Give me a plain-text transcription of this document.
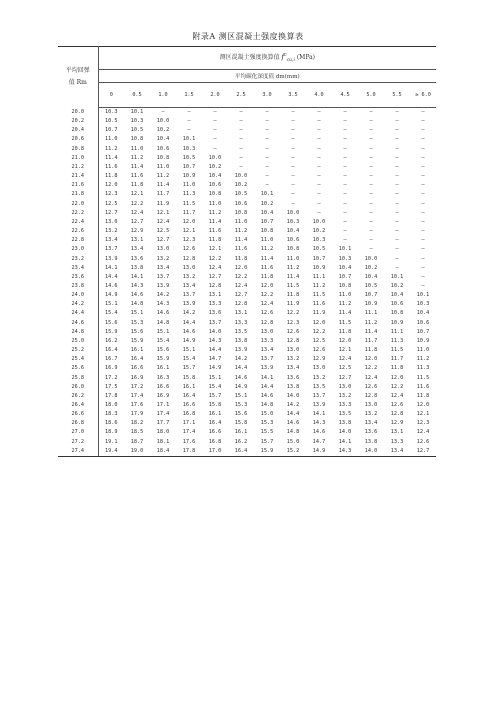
附录A 测区混凝土强度换算表
平均回弹
值 Rm	测区混凝土强度换算值 $f^c_{cu,i}$ (MPa)												
	平均碳化深度值 dm(mm)												
	0	0.5	1.0	1.5	2.0	2.5	3.0	3.5	4.0	4.5	5.0	5.5	≥ 6.0
20.0	10.3	10.1	—	—	—	—	—	—	—	—	—	—	—
20.2	10.5	10.3	10.0	—	—	—	—	—	—	—	—	—	—
20.4	10.7	10.5	10.2	—	—	—	—	—	—	—	—	—	—
20.6	11.0	10.8	10.4	10.1	—	—	—	—	—	—	—	—	—
20.8	11.2	11.0	10.6	10.3	—	—	—	—	—	—	—	—	—
21.0	11.4	11.2	10.8	10.5	10.0	—	—	—	—	—	—	—	—
21.2	11.6	11.4	11.0	10.7	10.2	—	—	—	—	—	—	—	—
21.4	11.8	11.6	11.2	10.9	10.4	10.0	—	—	—	—	—	—	—
21.6	12.0	11.8	11.4	11.0	10.6	10.2	—	—	—	—	—	—	—
21.8	12.3	12.1	11.7	11.3	10.8	10.5	10.1	—	—	—	—	—	—
22.0	12.5	12.2	11.9	11.5	11.0	10.6	10.2	—	—	—	—	—	—
22.2	12.7	12.4	12.1	11.7	11.2	10.8	10.4	10.0	—	—	—	—	—
22.4	13.0	12.7	12.4	12.0	11.4	11.0	10.7	10.3	10.0	—	—	—	—
22.6	13.2	12.9	12.5	12.1	11.6	11.2	10.8	10.4	10.2	—	—	—	—
22.8	13.4	13.1	12.7	12.3	11.8	11.4	11.0	10.6	10.3	—	—	—	—
23.0	13.7	13.4	13.0	12.6	12.1	11.6	11.2	10.8	10.5	10.1	—	—	—
23.2	13.9	13.6	13.2	12.8	12.2	11.8	11.4	11.0	10.7	10.3	10.0	—	—
23.4	14.1	13.8	13.4	13.0	12.4	12.0	11.6	11.2	10.9	10.4	10.2	—	—
23.6	14.4	14.1	13.7	13.2	12.7	12.2	11.8	11.4	11.1	10.7	10.4	10.1	—
23.8	14.6	14.3	13.9	13.4	12.8	12.4	12.0	11.5	11.2	10.8	10.5	10.2	—
24.0	14.9	14.6	14.2	13.7	13.1	12.7	12.2	11.8	11.5	11.0	10.7	10.4	10.1
24.2	15.1	14.8	14.3	13.9	13.3	12.8	12.4	11.9	11.6	11.2	10.9	10.6	10.3
24.4	15.4	15.1	14.6	14.2	13.6	13.1	12.6	12.2	11.9	11.4	11.1	10.8	10.4
24.6	15.6	15.3	14.8	14.4	13.7	13.3	12.8	12.3	12.0	11.5	11.2	10.9	10.6
24.8	15.9	15.6	15.1	14.6	14.0	13.5	13.0	12.6	12.2	11.8	11.4	11.1	10.7
25.0	16.2	15.9	15.4	14.9	14.3	13.8	13.3	12.8	12.5	12.0	11.7	11.3	10.9
25.2	16.4	16.1	15.6	15.1	14.4	13.9	13.4	13.0	12.6	12.1	11.8	11.5	11.0
25.4	16.7	16.4	15.9	15.4	14.7	14.2	13.7	13.2	12.9	12.4	12.0	11.7	11.2
25.6	16.9	16.6	16.1	15.7	14.9	14.4	13.9	13.4	13.0	12.5	12.2	11.8	11.3
25.8	17.2	16.9	16.3	15.8	15.1	14.6	14.1	13.6	13.2	12.7	12.4	12.0	11.5
26.0	17.5	17.2	16.6	16.1	15.4	14.9	14.4	13.8	13.5	13.0	12.6	12.2	11.6
26.2	17.8	17.4	16.9	16.4	15.7	15.1	14.6	14.0	13.7	13.2	12.8	12.4	11.8
26.4	18.0	17.6	17.1	16.6	15.8	15.3	14.8	14.2	13.9	13.3	13.0	12.6	12.0
26.6	18.3	17.9	17.4	16.8	16.1	15.6	15.0	14.4	14.1	13.5	13.2	12.8	12.1
26.8	18.6	18.2	17.7	17.1	16.4	15.8	15.3	14.6	14.3	13.8	13.4	12.9	12.3
27.0	18.9	18.5	18.0	17.4	16.6	16.1	15.5	14.8	14.6	14.0	13.6	13.1	12.4
27.2	19.1	18.7	18.1	17.6	16.8	16.2	15.7	15.0	14.7	14.1	13.8	13.3	12.6
27.4	19.4	19.0	18.4	17.8	17.0	16.4	15.9	15.2	14.9	14.3	14.0	13.4	12.7
